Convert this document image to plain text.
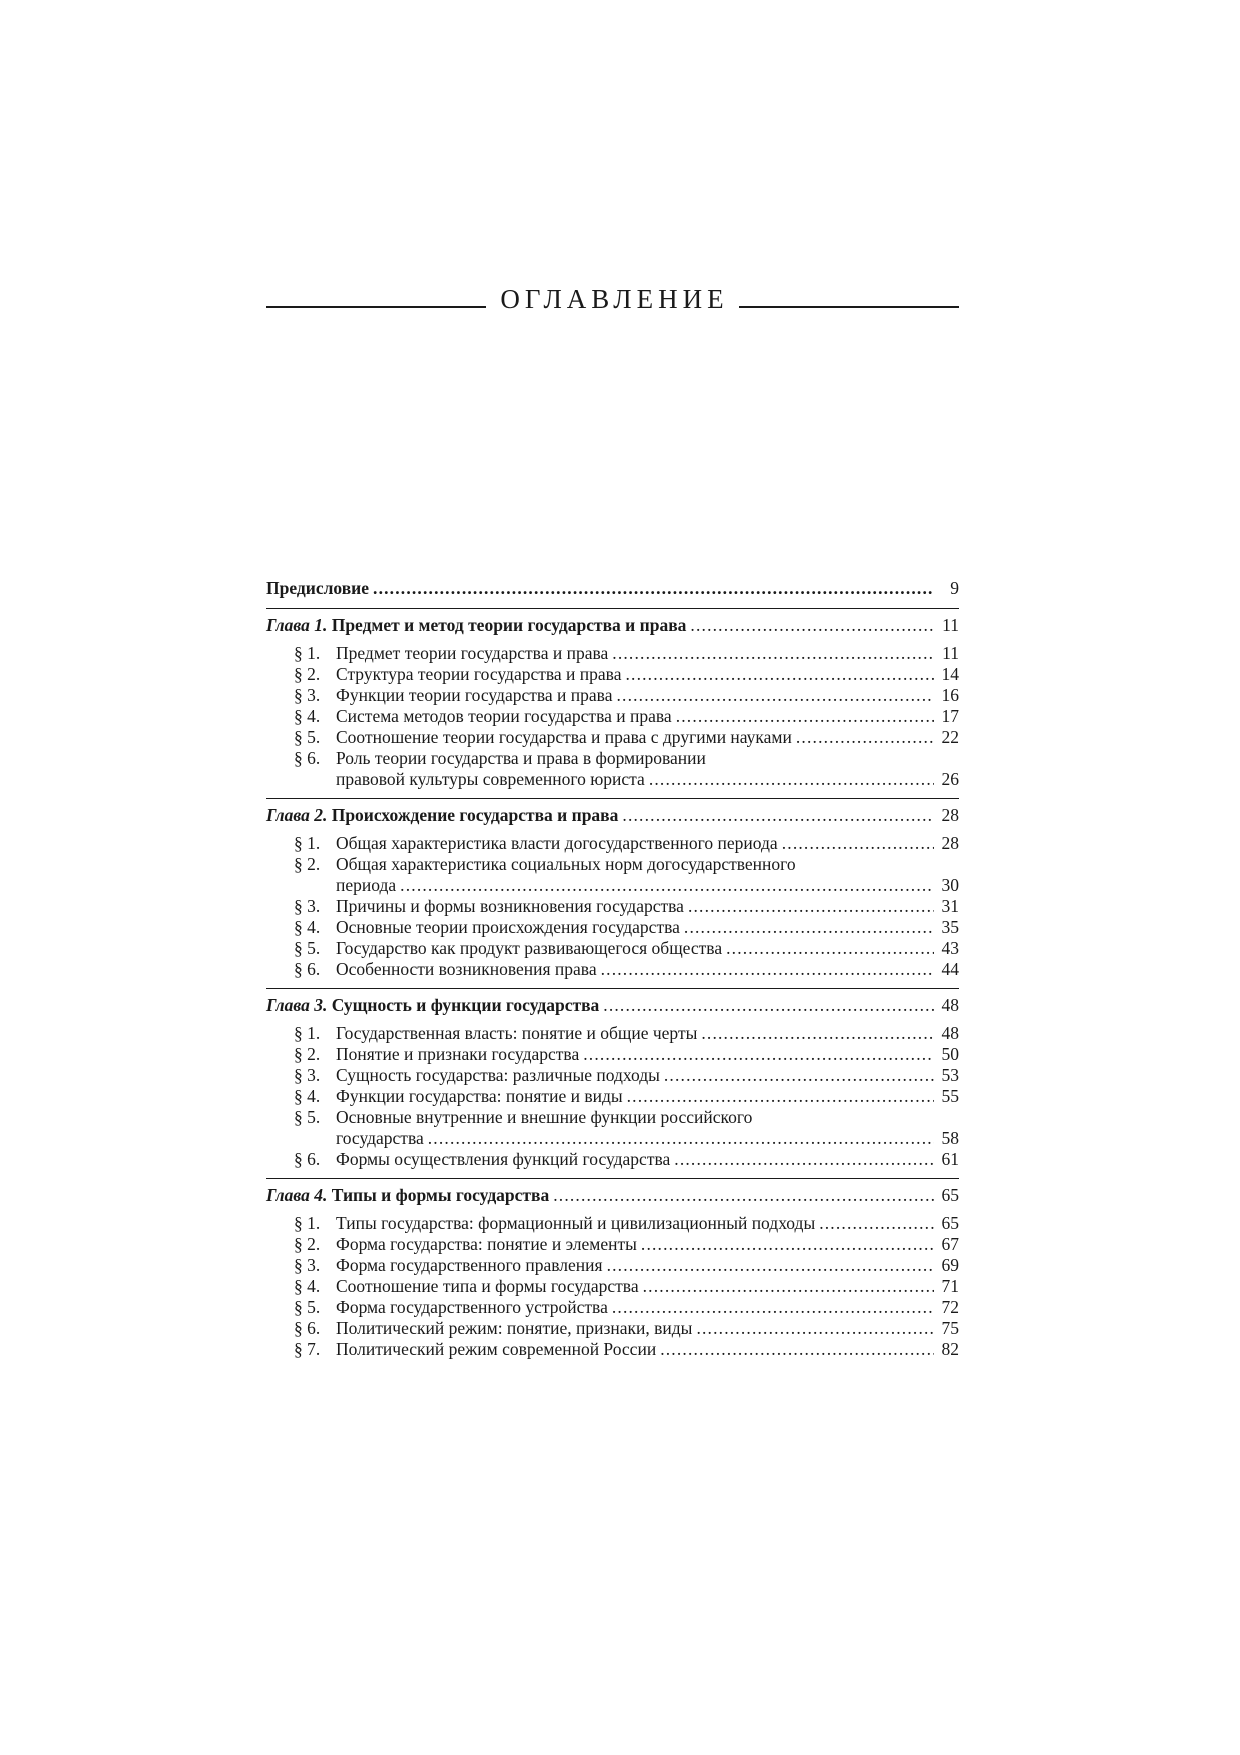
ОГЛАВЛЕНИЕ
Предисловие . . .	9
Глава 1. Предмет и метод теории государства и права . . .	11
§ 1. Предмет теории государства и права . . .	11
§ 2. Структура теории государства и права . . .	14
§ 3. Функции теории государства и права . . .	16
§ 4. Система методов теории государства и права . . .	17
§ 5. Соотношение теории государства и права с другими науками . . .	22
§ 6. Роль теории государства и права в формировании
правовой культуры современного юриста . . .	26
Глава 2. Происхождение государства и права . . .	28
§ 1. Общая характеристика власти догосударственного периода . . .	28
§ 2. Общая характеристика социальных норм догосударственного
периода . . .	30
§ 3. Причины и формы возникновения государства . . .	31
§ 4. Основные теории происхождения государства . . .	35
§ 5. Государство как продукт развивающегося общества . . .	43
§ 6. Особенности возникновения права . . .	44
Глава 3. Сущность и функции государства . . .	48
§ 1. Государственная власть: понятие и общие черты . . .	48
§ 2. Понятие и признаки государства . . .	50
§ 3. Сущность государства: различные подходы . . .	53
§ 4. Функции государства: понятие и виды . . .	55
§ 5. Основные внутренние и внешние функции российского
государства . . .	58
§ 6. Формы осуществления функций государства . . .	61
Глава 4. Типы и формы государства . . .	65
§ 1. Типы государства: формационный и цивилизационный подходы . . .	65
§ 2. Форма государства: понятие и элементы . . .	67
§ 3. Форма государственного правления . . .	69
§ 4. Соотношение типа и формы государства . . .	71
§ 5. Форма государственного устройства . . .	72
§ 6. Политический режим: понятие, признаки, виды . . .	75
§ 7. Политический режим современной России . . .	82
